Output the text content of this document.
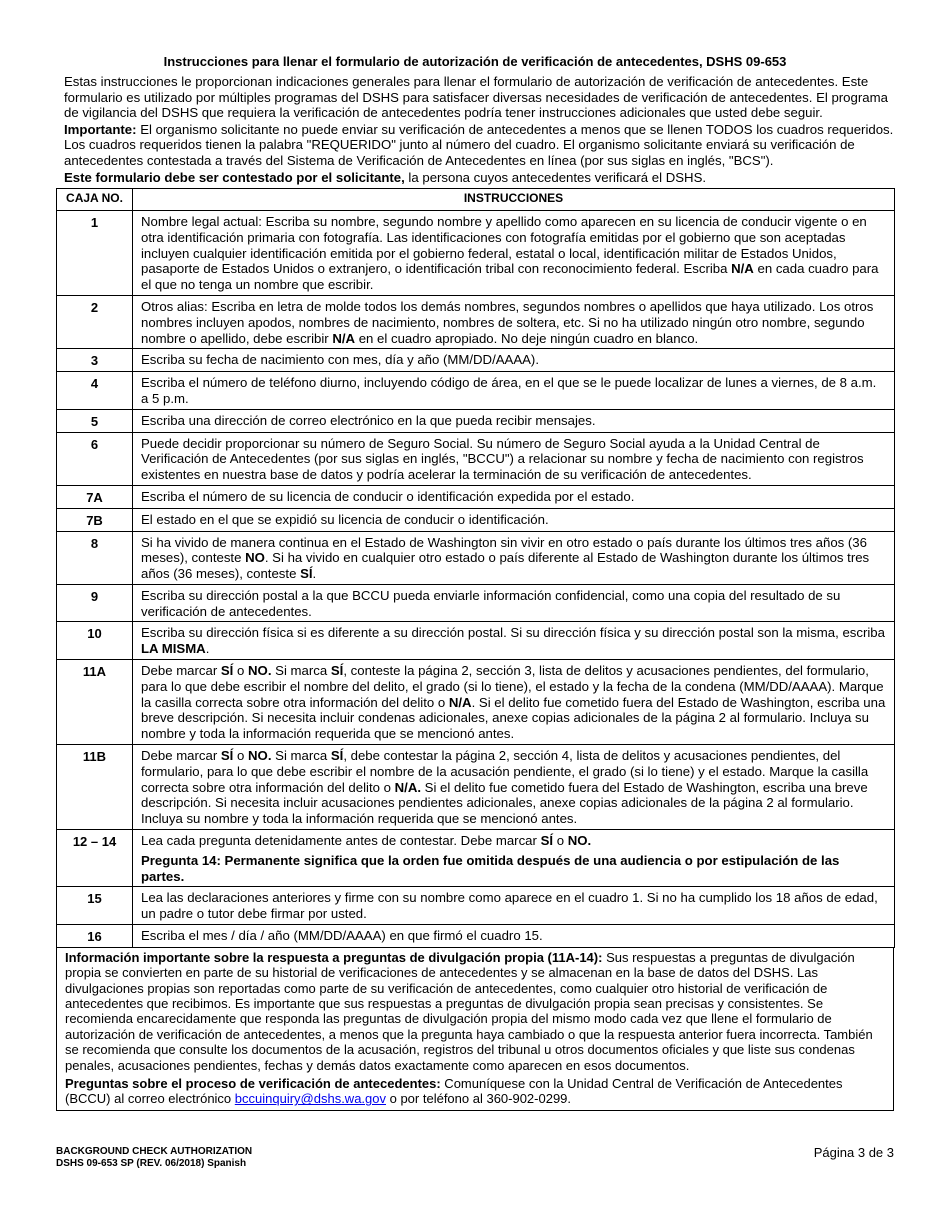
Instrucciones para llenar el formulario de autorización de verificación de antecedentes, DSHS 09-653

Estas instrucciones le proporcionan indicaciones generales para llenar el formulario de autorización de verificación de antecedentes. Este formulario es utilizado por múltiples programas del DSHS para satisfacer diversas necesidades de verificación de antecedentes. El programa de vigilancia del DSHS que requiera la verificación de antecedentes podría tener instrucciones adicionales que usted debe seguir.

Importante: El organismo solicitante no puede enviar su verificación de antecedentes a menos que se llenen TODOS los cuadros requeridos. Los cuadros requeridos tienen la palabra "REQUERIDO" junto al número del cuadro. El organismo solicitante enviará su verificación de antecedentes contestada a través del Sistema de Verificación de Antecedentes en línea (por sus siglas en inglés, "BCS").

Este formulario debe ser contestado por el solicitante, la persona cuyos antecedentes verificará el DSHS.

CAJA NO.	INSTRUCCIONES
1	Nombre legal actual: Escriba su nombre, segundo nombre y apellido como aparecen en su licencia de conducir vigente o en otra identificación primaria con fotografía. Las identificaciones con fotografía emitidas por el gobierno que son aceptadas incluyen cualquier identificación emitida por el gobierno federal, estatal o local, identificación militar de Estados Unidos, pasaporte de Estados Unidos o extranjero, o identificación tribal con reconocimiento federal. Escriba N/A en cada cuadro para el que no tenga un nombre que escribir.

2	Otros alias: Escriba en letra de molde todos los demás nombres, segundos nombres o apellidos que haya utilizado. Los otros nombres incluyen apodos, nombres de nacimiento, nombres de soltera, etc. Si no ha utilizado ningún otro nombre, segundo nombre o apellido, debe escribir N/A en el cuadro apropiado. No deje ningún cuadro en blanco.

3	Escriba su fecha de nacimiento con mes, día y año (MM/DD/AAAA).

4	Escriba el número de teléfono diurno, incluyendo código de área, en el que se le puede localizar de lunes a viernes, de 8 a.m. a 5 p.m.

5	Escriba una dirección de correo electrónico en la que pueda recibir mensajes.

6	Puede decidir proporcionar su número de Seguro Social. Su número de Seguro Social ayuda a la Unidad Central de Verificación de Antecedentes (por sus siglas en inglés, "BCCU") a relacionar su nombre y fecha de nacimiento con registros existentes en nuestra base de datos y podría acelerar la terminación de su verificación de antecedentes.

7A	Escriba el número de su licencia de conducir o identificación expedida por el estado.

7B	El estado en el que se expidió su licencia de conducir o identificación.

8	Si ha vivido de manera continua en el Estado de Washington sin vivir en otro estado o país durante los últimos tres años (36 meses), conteste NO. Si ha vivido en cualquier otro estado o país diferente al Estado de Washington durante los últimos tres años (36 meses), conteste SÍ.

9	Escriba su dirección postal a la que BCCU pueda enviarle información confidencial, como una copia del resultado de su verificación de antecedentes.

10	Escriba su dirección física si es diferente a su dirección postal. Si su dirección física y su dirección postal son la misma, escriba LA MISMA.

11A	Debe marcar SÍ o NO. Si marca SÍ, conteste la página 2, sección 3, lista de delitos y acusaciones pendientes, del formulario, para lo que debe escribir el nombre del delito, el grado (si lo tiene), el estado y la fecha de la condena (MM/DD/AAAA). Marque la casilla correcta sobre otra información del delito o N/A. Si el delito fue cometido fuera del Estado de Washington, escriba una breve descripción. Si necesita incluir condenas adicionales, anexe copias adicionales de la página 2 al formulario. Incluya su nombre y toda la información requerida que se mencionó antes.

11B	Debe marcar SÍ o NO. Si marca SÍ, debe contestar la página 2, sección 4, lista de delitos y acusaciones pendientes, del formulario, para lo que debe escribir el nombre de la acusación pendiente, el grado (si lo tiene) y el estado. Marque la casilla correcta sobre otra información del delito o N/A. Si el delito fue cometido fuera del Estado de Washington, escriba una breve descripción. Si necesita incluir acusaciones pendientes adicionales, anexe copias adicionales de la página 2 al formulario. Incluya su nombre y toda la información requerida que se mencionó antes.

12 – 14	Lea cada pregunta detenidamente antes de contestar. Debe marcar SÍ o NO.
Pregunta 14: Permanente significa que la orden fue omitida después de una audiencia o por estipulación de las partes.

15	Lea las declaraciones anteriores y firme con su nombre como aparece en el cuadro 1. Si no ha cumplido los 18 años de edad, un padre o tutor debe firmar por usted.

16	Escriba el mes / día / año (MM/DD/AAAA) en que firmó el cuadro 15.

Información importante sobre la respuesta a preguntas de divulgación propia (11A-14): Sus respuestas a preguntas de divulgación propia se convierten en parte de su historial de verificaciones de antecedentes y se almacenan en la base de datos del DSHS. Las divulgaciones propias son reportadas como parte de su verificación de antecedentes, como cualquier otro historial de verificación de antecedentes que recibimos. Es importante que sus respuestas a preguntas de divulgación propia sean precisas y consistentes. Se recomienda encarecidamente que responda las preguntas de divulgación propia del mismo modo cada vez que llene el formulario de autorización de verificación de antecedentes, a menos que la pregunta haya cambiado o que la respuesta anterior fuera incorrecta. También se recomienda que consulte los documentos de la acusación, registros del tribunal u otros documentos oficiales y que liste sus condenas penales, acusaciones pendientes, fechas y demás datos exactamente como aparecen en esos documentos.

Preguntas sobre el proceso de verificación de antecedentes: Comuníquese con la Unidad Central de Verificación de Antecedentes (BCCU) al correo electrónico bccuinquiry@dshs.wa.gov o por teléfono al 360-902-0299.

BACKGROUND CHECK AUTHORIZATION
DSHS 09-653 SP (REV. 06/2018) Spanish
Página 3 de 3
